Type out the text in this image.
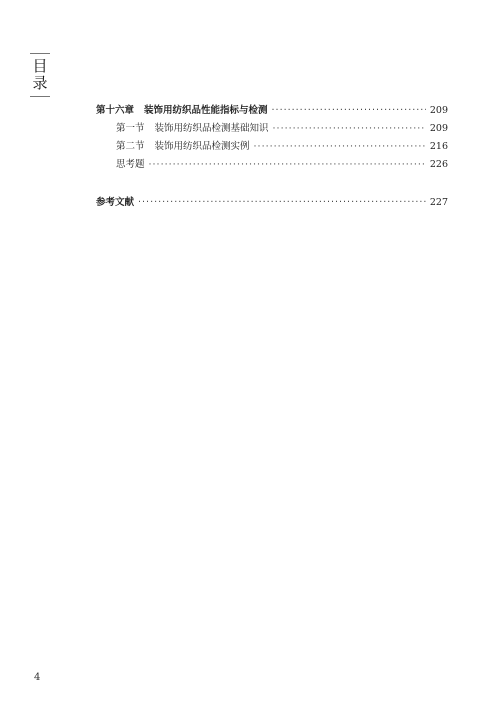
目
录
第十六章 装饰用纺织品性能指标与检测 ·····	209
第一节 装饰用纺织品检测基础知识 ·····	209
第二节 装饰用纺织品检测实例 ·····	216
思考题 ·····	226
参考文献 ·····	227
4
